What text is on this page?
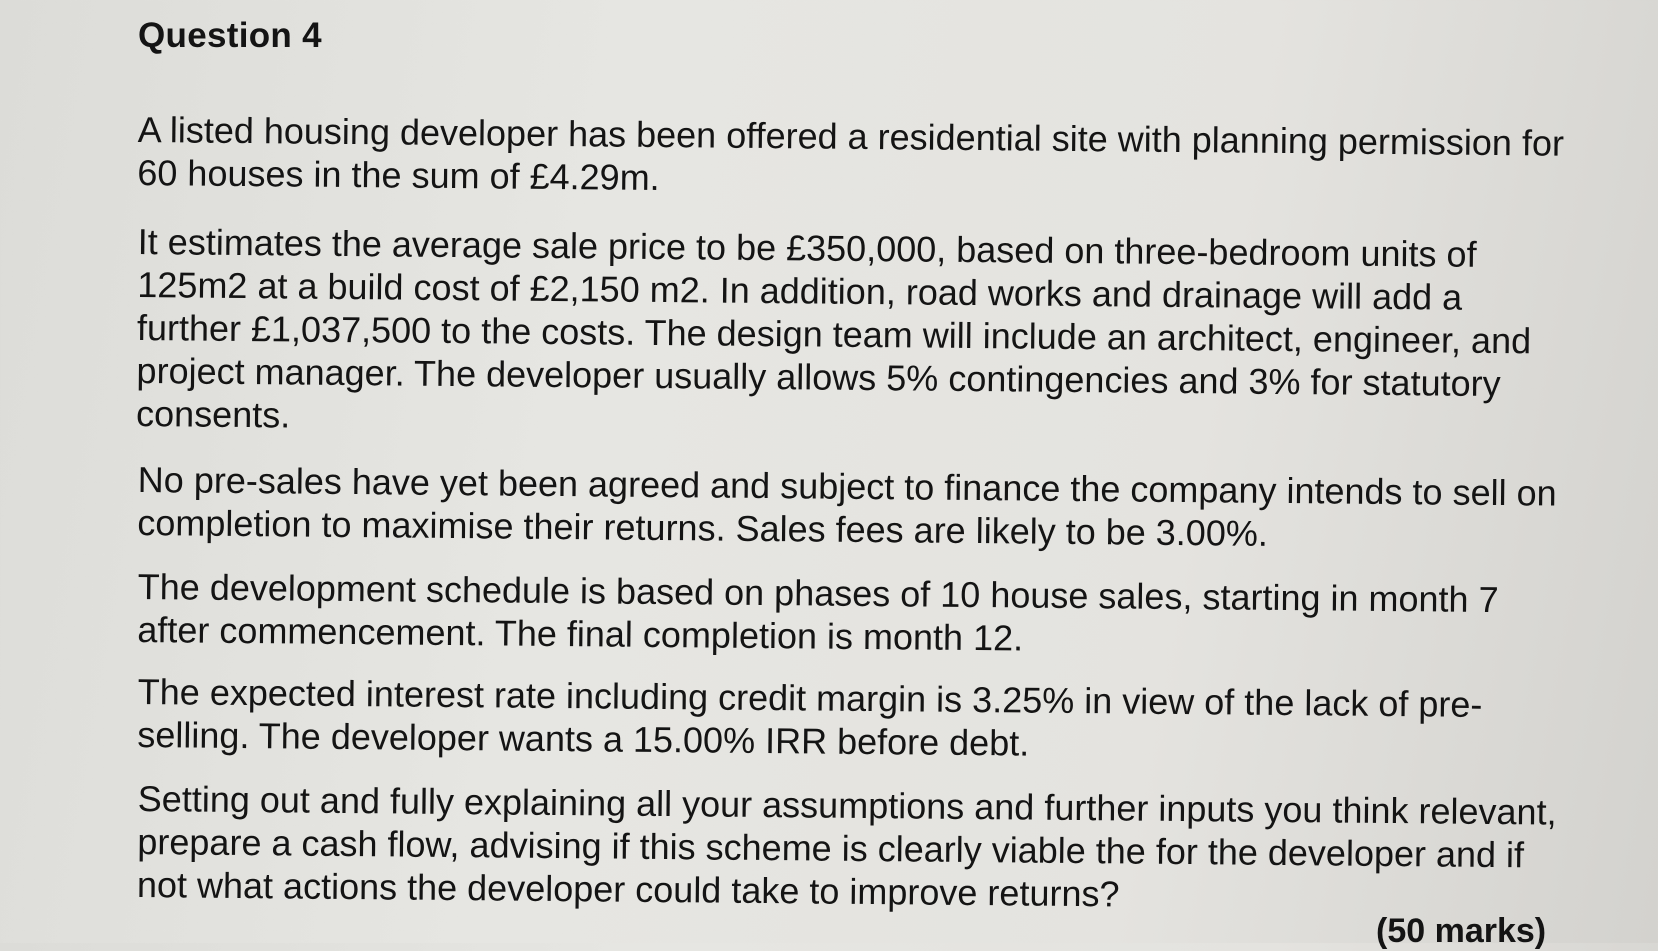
Question 4
A listed housing developer has been offered a residential site with planning permission for 60 houses in the sum of £4.29m.
It estimates the average sale price to be £350,000, based on three-bedroom units of 125m2 at a build cost of £2,150 m2. In addition, road works and drainage will add a further £1,037,500 to the costs. The design team will include an architect, engineer, and project manager. The developer usually allows 5% contingencies and 3% for statutory consents.
No pre-sales have yet been agreed and subject to finance the company intends to sell on completion to maximise their returns. Sales fees are likely to be 3.00%.
The development schedule is based on phases of 10 house sales, starting in month 7 after commencement. The final completion is month 12.
The expected interest rate including credit margin is 3.25% in view of the lack of pre-selling. The developer wants a 15.00% IRR before debt.
Setting out and fully explaining all your assumptions and further inputs you think relevant, prepare a cash flow, advising if this scheme is clearly viable the for the developer and if not what actions the developer could take to improve returns?
(50 marks)
